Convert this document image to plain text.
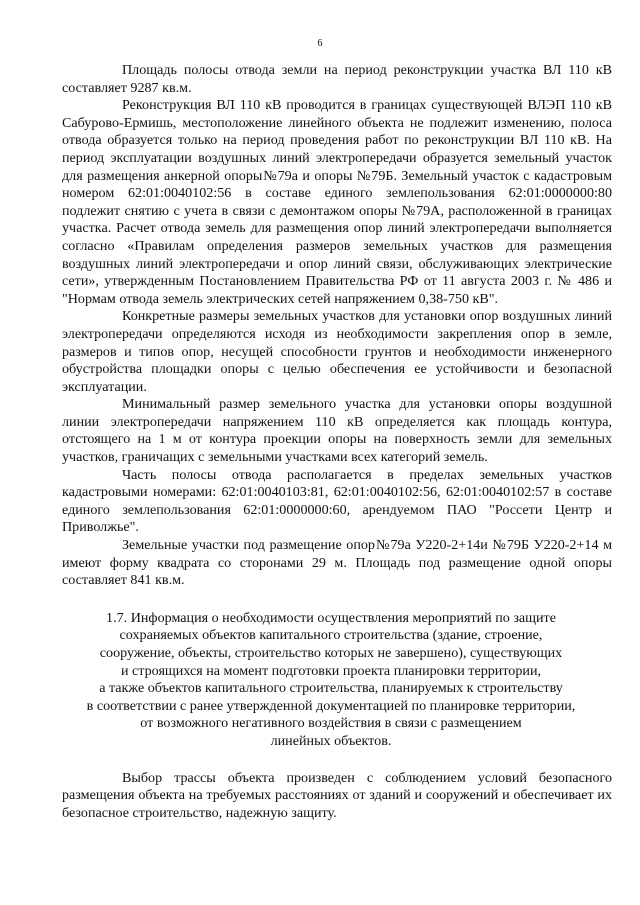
6

Площадь полосы отвода земли на период реконструкции участка ВЛ 110 кВ составляет 9287 кв.м.

Реконструкция ВЛ 110 кВ проводится в границах существующей ВЛЭП 110 кВ Сабурово-Ермишь, местоположение линейного объекта не подлежит изменению, полоса отвода образуется только на период проведения работ по реконструкции ВЛ 110 кВ. На период эксплуатации воздушных линий электропередачи образуется земельный участок для размещения анкерной опоры№79а и опоры №79Б. Земельный участок с кадастровым номером 62:01:0040102:56 в составе единого землепользования 62:01:0000000:80 подлежит снятию с учета в связи с демонтажом опоры №79А, расположенной в границах участка. Расчет отвода земель для размещения опор линий электропередачи выполняется согласно «Правилам определения размеров земельных участков для размещения воздушных линий электропередачи и опор линий связи, обслуживающих электрические сети», утвержденным Постановлением Правительства РФ от 11 августа 2003 г. № 486 и "Нормам отвода земель электрических сетей напряжением 0,38-750 кВ".

Конкретные размеры земельных участков для установки опор воздушных линий электропередачи определяются исходя из необходимости закрепления опор в земле, размеров и типов опор, несущей способности грунтов и необходимости инженерного обустройства площадки опоры с целью обеспечения ее устойчивости и безопасной эксплуатации.

Минимальный размер земельного участка для установки опоры воздушной линии электропередачи напряжением 110 кВ определяется как площадь контура, отстоящего на 1 м от контура проекции опоры на поверхность земли для земельных участков, граничащих с земельными участками всех категорий земель.

Часть полосы отвода располагается в пределах земельных участков кадастровыми номерами: 62:01:0040103:81, 62:01:0040102:56, 62:01:0040102:57 в составе единого землепользования 62:01:0000000:60, арендуемом ПАО "Россети Центр и Приволжье".

Земельные участки под размещение опор№79а У220-2+14и №79Б У220-2+14 м имеют форму квадрата со сторонами 29 м. Площадь под размещение одной опоры составляет 841 кв.м.

1.7. Информация о необходимости осуществления мероприятий по защите
сохраняемых объектов капитального строительства (здание, строение,
сооружение, объекты, строительство которых не завершено), существующих
и строящихся на момент подготовки проекта планировки территории,
а также объектов капитального строительства, планируемых к строительству
в соответствии с ранее утвержденной документацией по планировке территории,
от возможного негативного воздействия в связи с размещением
линейных объектов.

Выбор трассы объекта произведен с соблюдением условий безопасного размещения объекта на требуемых расстояниях от зданий и сооружений и обеспечивает их безопасное строительство, надежную защиту.
